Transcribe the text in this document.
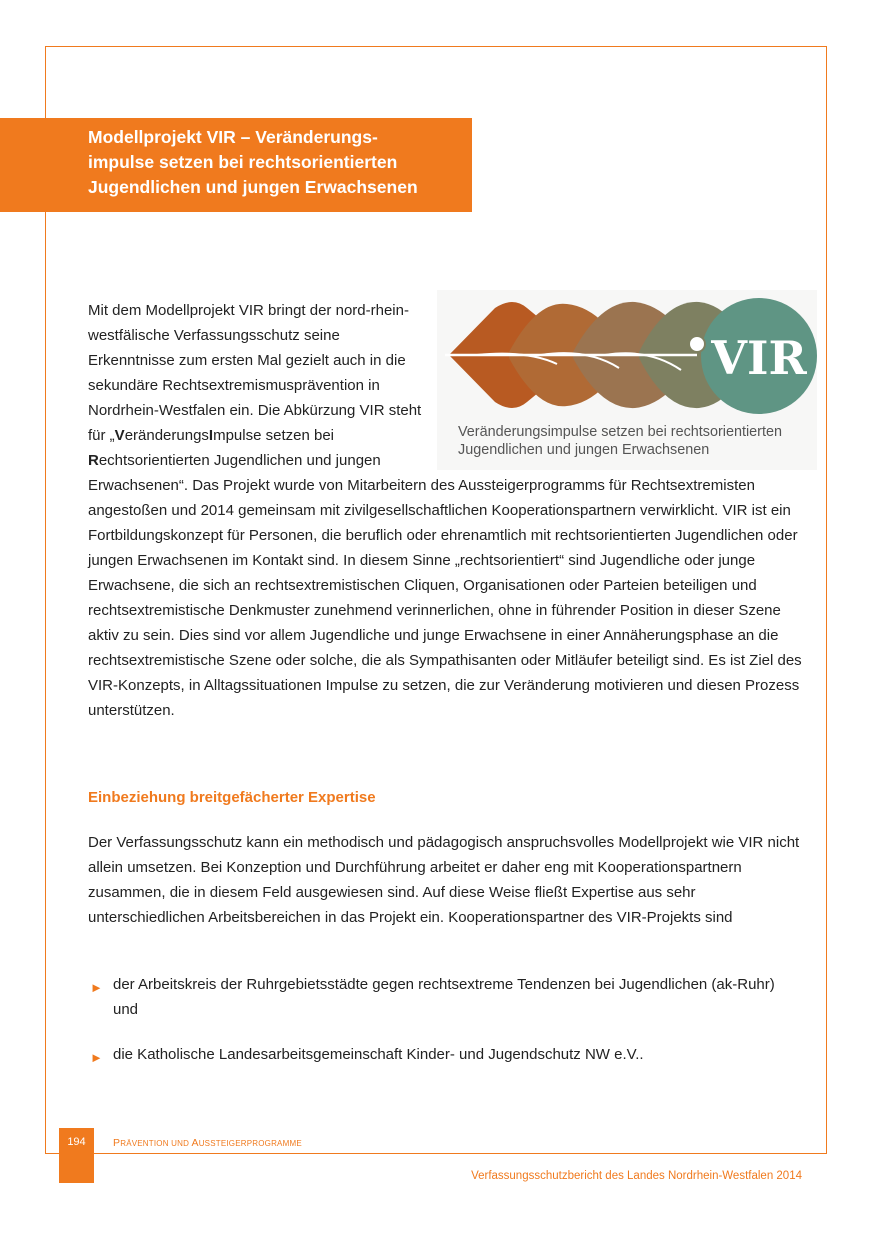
Modellprojekt VIR – Veränderungs-
impulse setzen bei rechtsorientierten
Jugendlichen und jungen Erwachsenen
VIR
Veränderungsimpulse setzen bei rechtsorientierten
Jugendlichen und jungen Erwachsenen

Mit dem Modellprojekt VIR bringt der nord-rhein-westfälische Verfassungsschutz seine Erkenntnisse zum ersten Mal gezielt auch in die sekundäre Rechtsextremismusprävention in Nordrhein-Westfalen ein. Die Abkürzung VIR steht für „VeränderungsImpulse setzen bei Rechtsorientierten Jugendlichen und jungen Erwachsenen“. Das Projekt wurde von Mitarbeitern des Aussteigerprogramms für Rechtsextremisten angestoßen und 2014 gemeinsam mit zivilgesellschaftlichen Kooperationspartnern verwirklicht. VIR ist ein Fortbildungskonzept für Personen, die beruflich oder ehrenamtlich mit rechtsorientierten Jugendlichen oder jungen Erwachsenen im Kontakt sind. In diesem Sinne „rechtsorientiert“ sind Jugendliche oder junge Erwachsene, die sich an rechtsextremistischen Cliquen, Organisationen oder Parteien beteiligen und rechtsextremistische Denkmuster zunehmend verinnerlichen, ohne in führender Position in dieser Szene aktiv zu sein. Dies sind vor allem Jugendliche und junge Erwachsene in einer Annäherungsphase an die rechtsextremistische Szene oder solche, die als Sympathisanten oder Mitläufer beteiligt sind. Es ist Ziel des VIR-Konzepts, in Alltagssituationen Impulse zu setzen, die zur Veränderung motivieren und diesen Prozess unterstützen.

Einbeziehung breitgefächerter Expertise

Der Verfassungsschutz kann ein methodisch und pädagogisch anspruchsvolles Modellprojekt wie VIR nicht allein umsetzen. Bei Konzeption und Durchführung arbeitet er daher eng mit Kooperationspartnern zusammen, die in diesem Feld ausgewiesen sind. Auf diese Weise fließt Expertise aus sehr unterschiedlichen Arbeitsbereichen in das Projekt ein. Kooperationspartner des VIR-Projekts sind

► der Arbeitskreis der Ruhrgebietsstädte gegen rechtsextreme Tendenzen bei Jugendlichen (ak-Ruhr) und
► die Katholische Landesarbeitsgemeinschaft Kinder- und Jugendschutz NW e.V..
194	PRÄVENTION UND AUSSTEIGERPROGRAMME
Verfassungsschutzbericht des Landes Nordrhein-Westfalen 2014
